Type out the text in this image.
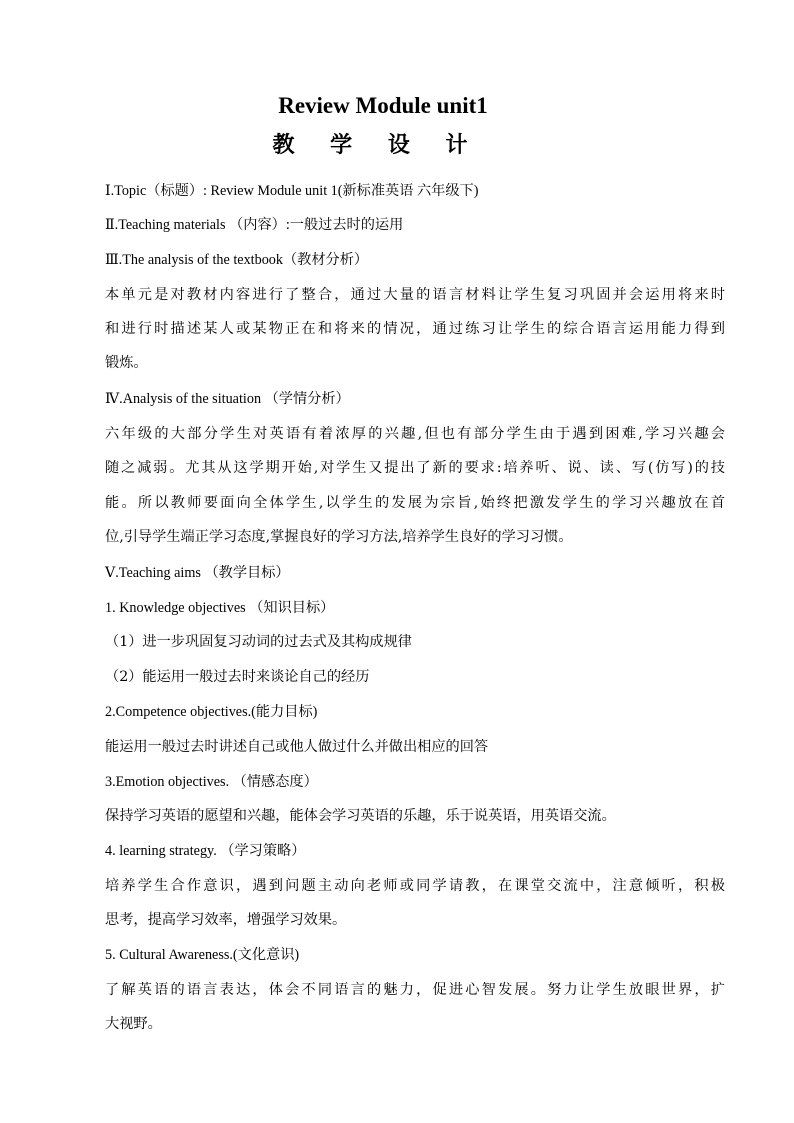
Review Module unit1
教 学 设 计
Ⅰ.Topic（标题）: Review Module unit 1(新标准英语 六年级下)
Ⅱ.Teaching materials （内容）:一般过去时的运用
Ⅲ.The analysis of the textbook（教材分析）
本单元是对教材内容进行了整合，通过大量的语言材料让学生复习巩固并会运用将来时
和进行时描述某人或某物正在和将来的情况，通过练习让学生的综合语言运用能力得到
锻炼。
Ⅳ.Analysis of the situation （学情分析）
六年级的大部分学生对英语有着浓厚的兴趣,但也有部分学生由于遇到困难,学习兴趣会
随之减弱。尤其从这学期开始,对学生又提出了新的要求:培养听、说、读、写(仿写)的技
能。所以教师要面向全体学生,以学生的发展为宗旨,始终把激发学生的学习兴趣放在首
位,引导学生端正学习态度,掌握良好的学习方法,培养学生良好的学习习惯。
Ⅴ.Teaching aims （教学目标）
1. Knowledge objectives （知识目标）
（1）进一步巩固复习动词的过去式及其构成规律
（2）能运用一般过去时来谈论自己的经历
2.Competence objectives.(能力目标)
能运用一般过去时讲述自己或他人做过什么并做出相应的回答
3.Emotion objectives. （情感态度）
保持学习英语的愿望和兴趣，能体会学习英语的乐趣，乐于说英语，用英语交流。
4. learning strategy. （学习策略）
培养学生合作意识，遇到问题主动向老师或同学请教，在课堂交流中，注意倾听，积极
思考，提高学习效率，增强学习效果。
5. Cultural Awareness.(文化意识)
了解英语的语言表达，体会不同语言的魅力，促进心智发展。努力让学生放眼世界，扩
大视野。
